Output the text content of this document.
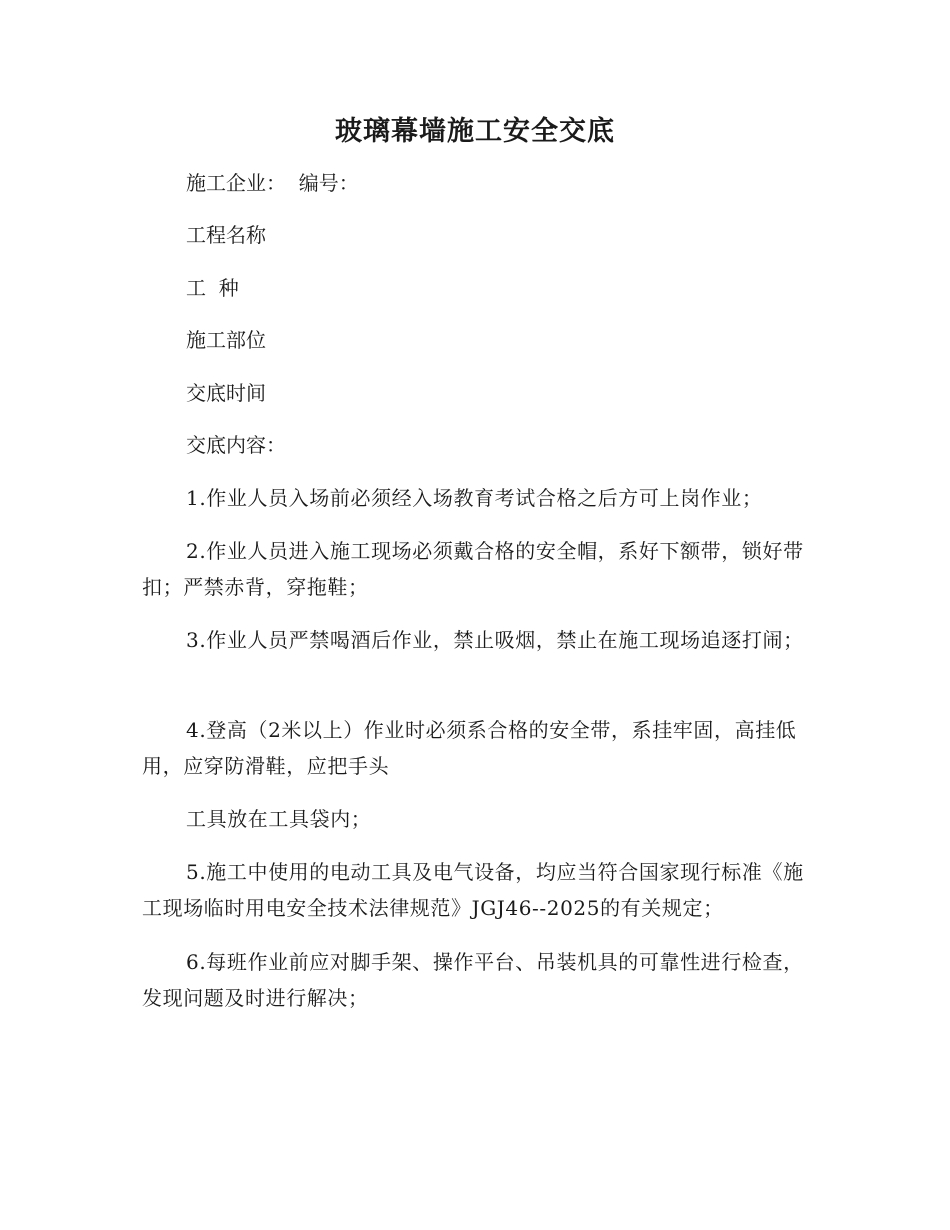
玻璃幕墙施工安全交底
施工企业：  编号：
工程名称
工  种
施工部位
交底时间
交底内容：
1.作业人员入场前必须经入场教育考试合格之后方可上岗作业；
2.作业人员进入施工现场必须戴合格的安全帽，系好下额带，锁好带扣；严禁赤背，穿拖鞋；
3.作业人员严禁喝酒后作业，禁止吸烟，禁止在施工现场追逐打闹；
4.登高（2米以上）作业时必须系合格的安全带，系挂牢固，高挂低用，应穿防滑鞋，应把手头
工具放在工具袋内；
5.施工中使用的电动工具及电气设备，均应当符合国家现行标准《施工现场临时用电安全技术法律规范》JGJ46--2025的有关规定；
6.每班作业前应对脚手架、操作平台、吊装机具的可靠性进行检查，发现问题及时进行解决；
